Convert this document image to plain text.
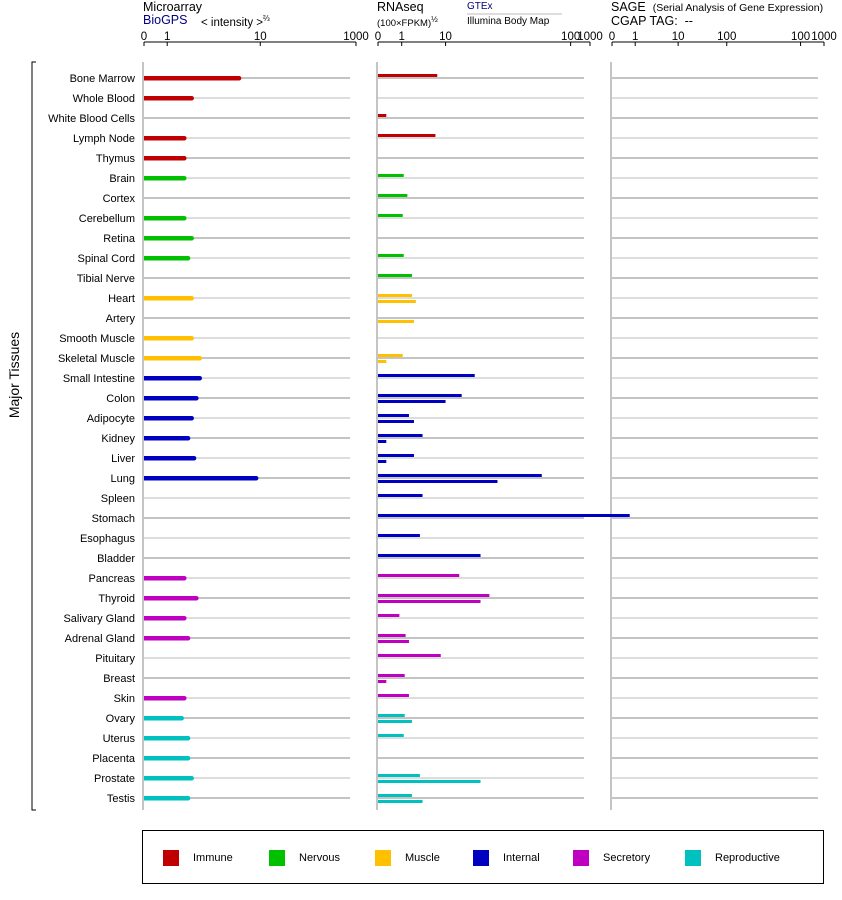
0 1	10	100
1000 0 1	10	100
1000 0 1	10	100 1000
Bone Marrow
Whole Blood
White Blood Cells
Lymph Node
Thymus
Brain
Cortex
Cerebellum
Retina
Spinal Cord
Tibial Nerve
Heart
Artery
Smooth Muscle
Skeletal Muscle
Small Intestine
Colon
Adipocyte
Kidney
Liver
Lung
Spleen
Stomach
Esophagus
Bladder
Pancreas
Thyroid
Salivary Gland
Adrenal Gland
Pituitary
Breast
Skin
Ovary
Uterus
Placenta
Prostate
Testis
Major Tissues
Microarray
BioGPS < intensity >$^{\frac{2}{3}}$
RNAseq
(100×FPKM)$^{\frac{1}{2}}$
GTEx
Illumina Body Map
SAGE (Serial Analysis of Gene Expression)
CGAP TAG: --
Immune	Nervous	Muscle	Internal	Secretory	Reproductive
